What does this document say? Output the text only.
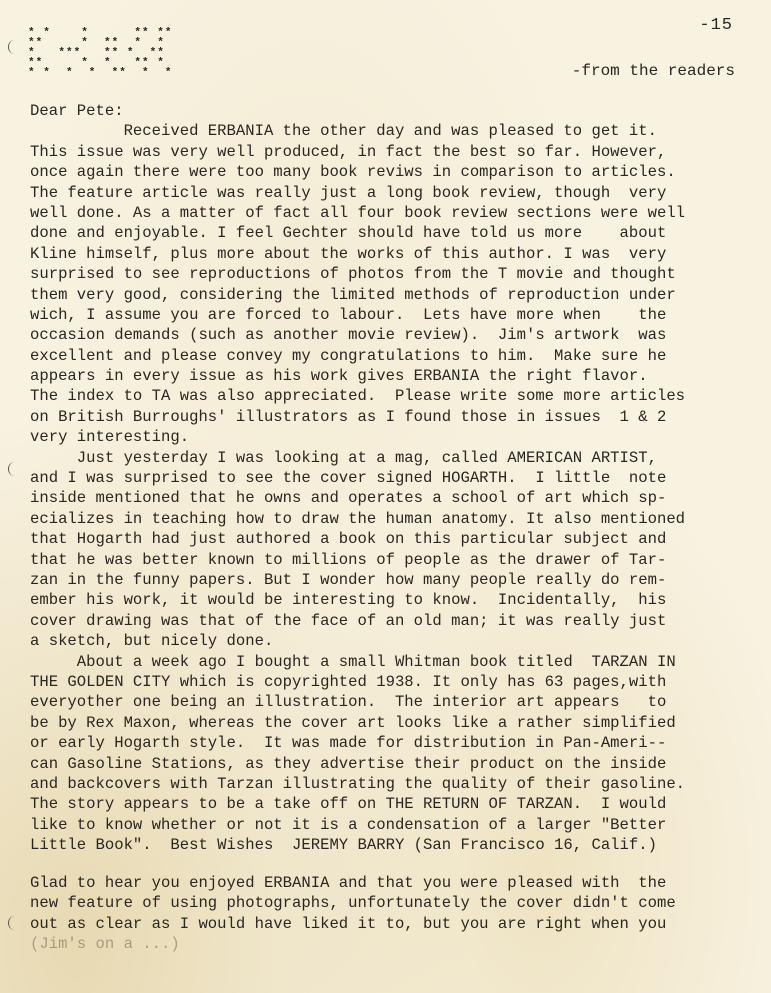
-15
* *    *      ** **
**     *  **  *  *
*   ***   ** *  **
**     *  *   ** *
* *  *  *  **  *  *	-from the readers
Dear Pete:
Received ERBANIA the other day and was pleased to get it.
This issue was very well produced, in fact the best so far. However,
once again there were too many book reviws in comparison to articles.
The feature article was really just a long book review, though  very
well done. As a matter of fact all four book review sections were well
done and enjoyable. I feel Gechter should have told us more    about
Kline himself, plus more about the works of this author. I was  very
surprised to see reproductions of photos from the T movie and thought
them very good, considering the limited methods of reproduction under
wich, I assume you are forced to labour.  Lets have more when    the
occasion demands (such as another movie review).  Jim's artwork  was
excellent and please convey my congratulations to him.  Make sure he
appears in every issue as his work gives ERBANIA the right flavor.
The index to TA was also appreciated.  Please write some more articles
on British Burroughs' illustrators as I found those in issues  1 & 2
very interesting.
Just yesterday I was looking at a mag, called AMERICAN ARTIST,
and I was surprised to see the cover signed HOGARTH.  I little  note
inside mentioned that he owns and operates a school of art which sp-
ecializes in teaching how to draw the human anatomy. It also mentioned
that Hogarth had just authored a book on this particular subject and
that he was better known to millions of people as the drawer of Tar-
zan in the funny papers. But I wonder how many people really do rem-
ember his work, it would be interesting to know.  Incidentally,  his
cover drawing was that of the face of an old man; it was really just
a sketch, but nicely done.
About a week ago I bought a small Whitman book titled  TARZAN IN
THE GOLDEN CITY which is copyrighted 1938. It only has 63 pages,with
everyother one being an illustration.  The interior art appears   to
be by Rex Maxon, whereas the cover art looks like a rather simplified
or early Hogarth style.  It was made for distribution in Pan-Ameri--
can Gasoline Stations, as they advertise their product on the inside
and backcovers with Tarzan illustrating the quality of their gasoline.
The story appears to be a take off on THE RETURN OF TARZAN.  I would
like to know whether or not it is a condensation of a larger "Better
Little Book".  Best Wishes  JEREMY BARRY (San Francisco 16, Calif.)
Glad to hear you enjoyed ERBANIA and that you were pleased with  the
new feature of using photographs, unfortunately the cover didn't come
out as clear as I would have liked it to, but you are right when you
(Jim's on a ...)
